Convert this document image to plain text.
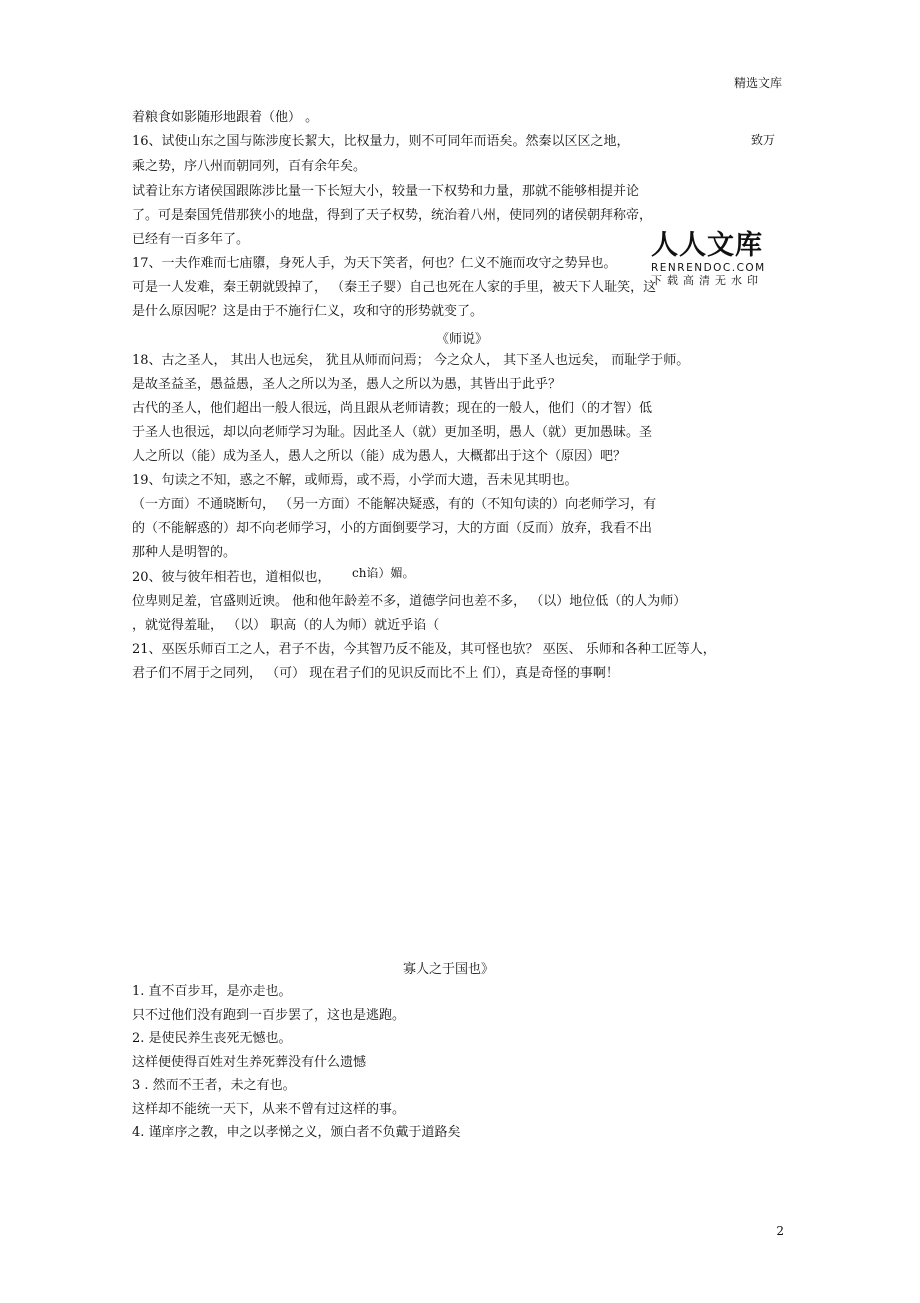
精选文库
致万
人人文库
RENRENDOC.COM
下载高清无水印
着粮食如影随形地跟着（他） 。
16、试使山东之国与陈涉度长絜大，比权量力，则不可同年而语矣。然秦以区区之地，
乘之势，序八州而朝同列，百有余年矣。
试着让东方诸侯国跟陈涉比量一下长短大小，较量一下权势和力量，那就不能够相提并论
了。可是秦国凭借那狭小的地盘，得到了天子权势，统治着八州，使同列的诸侯朝拜称帝，
已经有一百多年了。
17、一夫作难而七庙隳，身死人手，为天下笑者，何也？仁义不施而攻守之势异也。
可是一人发难，秦王朝就毁掉了， （秦王子婴）自己也死在人家的手里，被天下人耻笑，这
是什么原因呢？这是由于不施行仁义，攻和守的形势就变了。
《师说》
18、古之圣人， 其出人也远矣， 犹且从师而问焉； 今之众人， 其下圣人也远矣， 而耻学于师。
是故圣益圣，愚益愚，圣人之所以为圣，愚人之所以为愚，其皆出于此乎？
古代的圣人，他们超出一般人很远，尚且跟从老师请教；现在的一般人，他们（的才智）低
于圣人也很远，却以向老师学习为耻。因此圣人（就）更加圣明，愚人（就）更加愚昧。圣
人之所以（能）成为圣人，愚人之所以（能）成为愚人，大概都出于这个（原因）吧？
19、句读之不知，惑之不解，或师焉，或不焉，小学而大遗，吾未见其明也。
（一方面）不通晓断句， （另一方面）不能解决疑惑，有的（不知句读的）向老师学习，有
的（不能解惑的）却不向老师学习，小的方面倒要学习，大的方面（反而）放弃，我看不出
那种人是明智的。
20、彼与彼年相若也，道相似也， ch谄）媚。
位卑则足羞，官盛则近谀。 他和他年龄差不多，道德学问也差不多， （以）地位低（的人为师）
，就觉得羞耻， （以） 职高（的人为师）就近乎谄（
21、巫医乐师百工之人，君子不齿，今其智乃反不能及，其可怪也欤？ 巫医、 乐师和各种工匠等人，
君子们不屑于之同列， （可） 现在君子们的见识反而比不上 们），真是奇怪的事啊！
寡人之于国也》
1. 直不百步耳，是亦走也。
只不过他们没有跑到一百步罢了，这也是逃跑。
2. 是使民养生丧死无憾也。
这样便使得百姓对生养死葬没有什么遗憾
3 . 然而不王者，未之有也。
这样却不能统一天下，从来不曾有过这样的事。
4. 谨庠序之教，申之以孝悌之义，颁白者不负戴于道路矣
2
